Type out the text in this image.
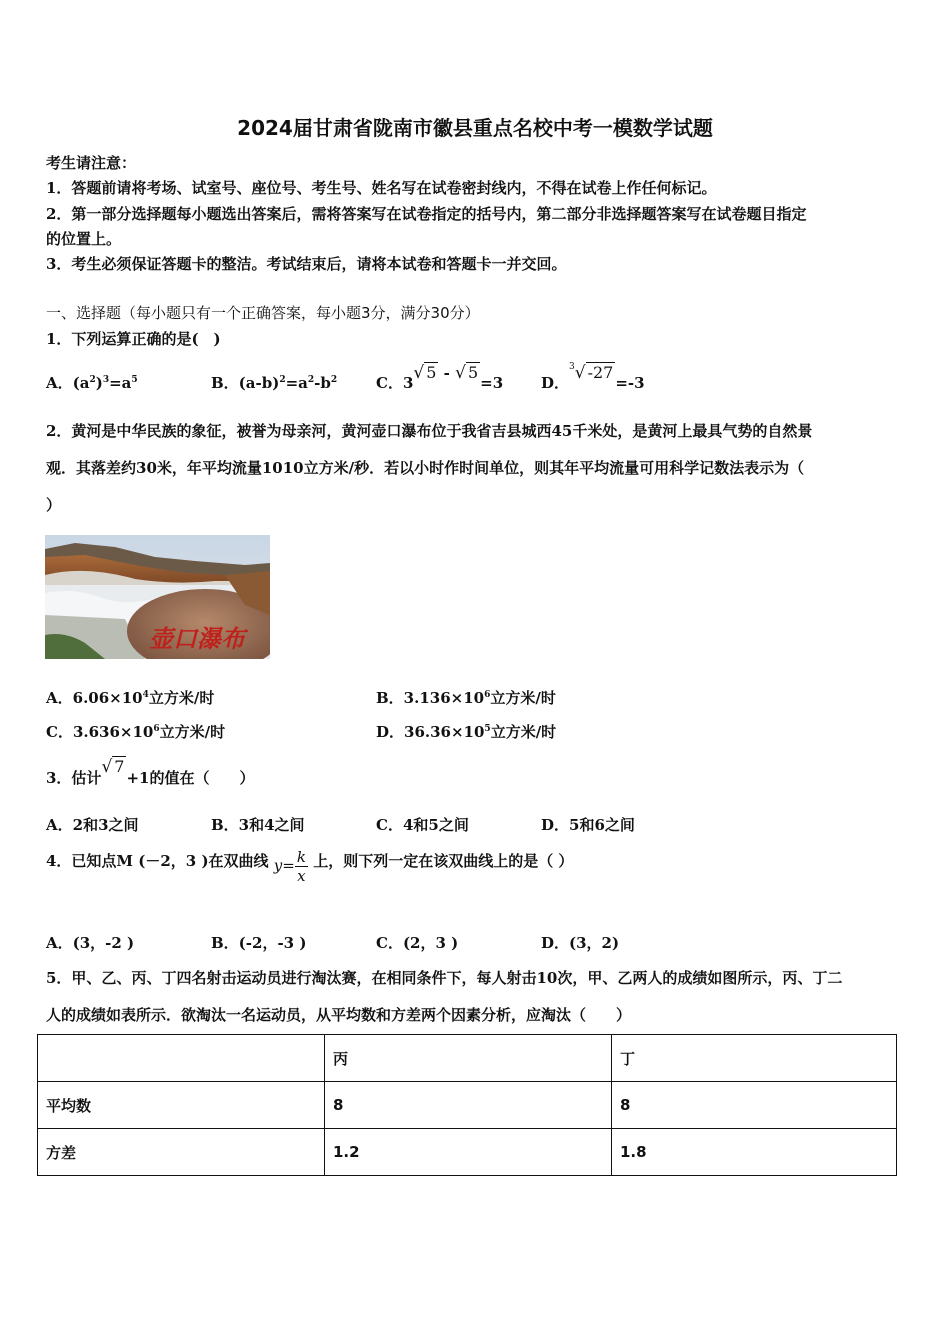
2024届甘肃省陇南市徽县重点名校中考一模数学试题
考生请注意：
1．答题前请将考场、试室号、座位号、考生号、姓名写在试卷密封线内，不得在试卷上作任何标记。
2．第一部分选择题每小题选出答案后，需将答案写在试卷指定的括号内，第二部分非选择题答案写在试卷题目指定
的位置上。
3．考生必须保证答题卡的整洁。考试结束后，请将本试卷和答题卡一并交回。
一、选择题（每小题只有一个正确答案，每小题3分，满分30分）
1．下列运算正确的是(　)
A．$(a^2)^3=a^5$	B．$(a-b)^2=a^2-b^2$	C．3√ 5 - √ 5=3	D．$^3$√ -27=-3
2．黄河是中华民族的象征，被誉为母亲河，黄河壶口瀑布位于我省吉县城西45千米处，是黄河上最具气势的自然景
观．其落差约30米，年平均流量1010立方米/秒．若以小时作时间单位，则其年平均流量可用科学记数法表示为（
）
壶口瀑布
A．$6.06\times 10^4$立方米/时	B．$3.136\times 10^6$立方米/时
C．$3.636\times 10^6$立方米/时	D．$36.36\times 10^5$立方米/时
3．估计√ 7+1的值在（　　）
A．2和3之间	B．3和4之间	C．4和5之间	D．5和6之间
4．已知点M (－2，3 )在双曲线 $y= \frac{k}{x}$ 上，则下列一定在该双曲线上的是（ ）
A．(3，-2 )	B．(-2，-3 )	C．(2，3 )	D．(3，2)
5．甲、乙、丙、丁四名射击运动员进行淘汰赛，在相同条件下，每人射击10次，甲、乙两人的成绩如图所示，丙、丁二
人的成绩如表所示．欲淘汰一名运动员，从平均数和方差两个因素分析，应淘汰（　　）
	丙	丁
平均数	8	8
方差	1.2	1.8
